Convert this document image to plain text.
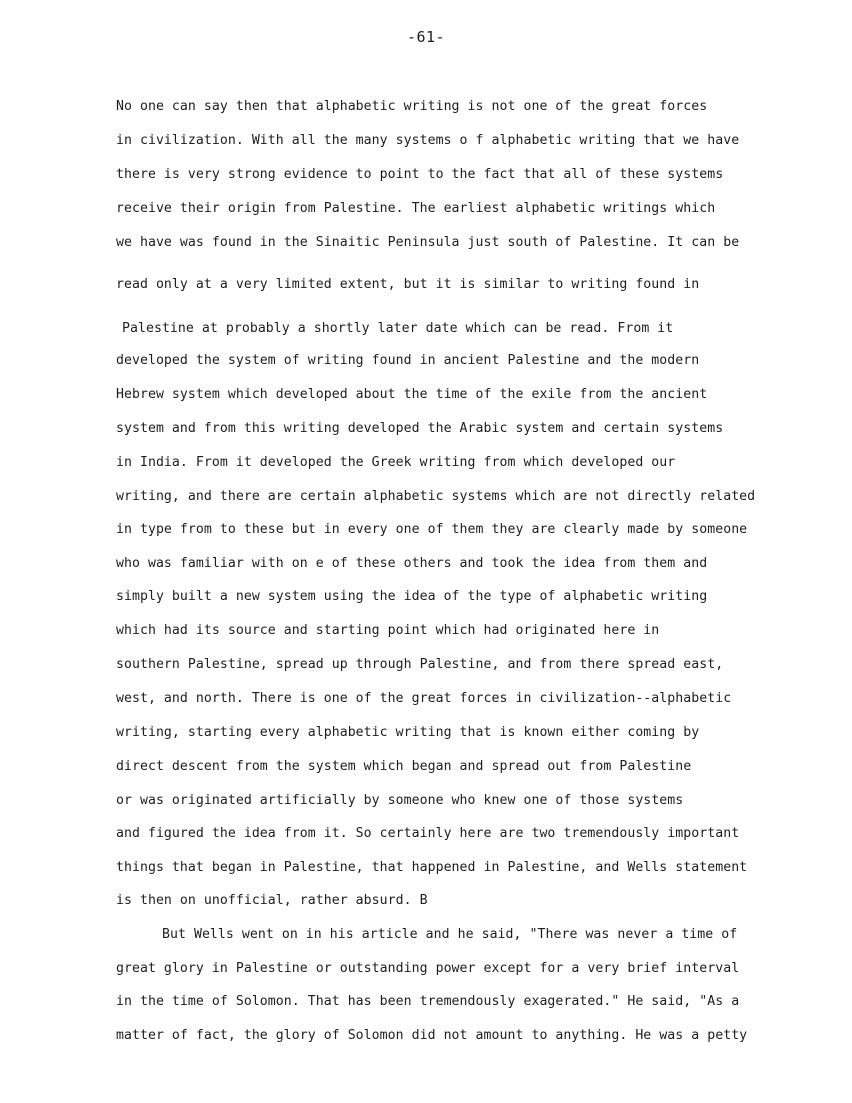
-61-
No one can say then that alphabetic writing is not one of the great forces
in civilization. With all the many systems o f alphabetic writing that we have
there is very strong evidence to point to the fact that all of these systems
receive their origin from Palestine. The earliest alphabetic writings which
we have was found in the Sinaitic Peninsula just south of Palestine. It can be
read only at a very limited extent, but it is similar to writing found in
Palestine at probably a shortly later date which can be read. From it
developed the system of writing found in ancient Palestine and the modern
Hebrew system which developed about the time of the exile from the ancient
system and from this writing developed the Arabic system and certain systems
in India. From it developed the Greek writing from which developed our
writing, and there are certain alphabetic systems which are not directly related
in type from to these but in every one of them they are clearly made by someone
who was familiar with on e of these others and took the idea from them and
simply built a new system using the idea of the type of alphabetic writing
which had its source and starting point which had originated here in
southern Palestine, spread up through Palestine, and from there spread east,
west, and north. There is one of the great forces in civilization--alphabetic
writing, starting every alphabetic writing that is known either coming by
direct descent from the system which began and spread out from Palestine
or was originated artificially by someone who knew one of those systems
and figured the idea from it. So certainly here are two tremendously important
things that began in Palestine, that happened in Palestine, and Wells statement
is then on unofficial, rather absurd. B
But Wells went on in his article and he said, "There was never a time of
great glory in Palestine or outstanding power except for a very brief interval
in the time of Solomon. That has been tremendously exagerated." He said, "As a
matter of fact, the glory of Solomon did not amount to anything. He was a petty
